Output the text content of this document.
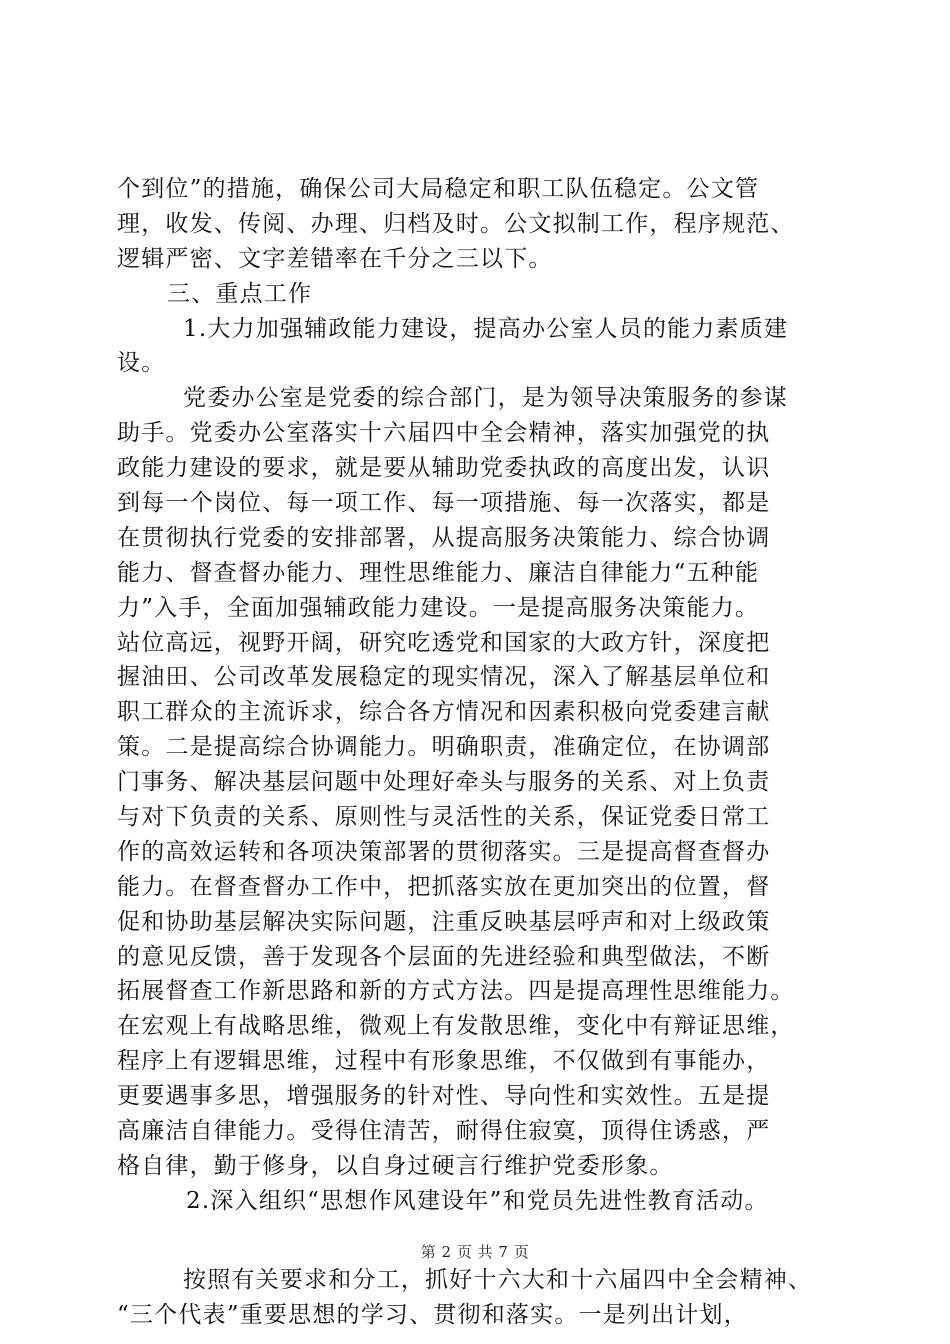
个到位”的措施，确保公司大局稳定和职工队伍稳定。公文管
理，收发、传阅、办理、归档及时。公文拟制工作，程序规范、
逻辑严密、文字差错率在千分之三以下。
三、重点工作
1.大力加强辅政能力建设，提高办公室人员的能力素质建
设。
党委办公室是党委的综合部门，是为领导决策服务的参谋
助手。党委办公室落实十六届四中全会精神，落实加强党的执
政能力建设的要求，就是要从辅助党委执政的高度出发，认识
到每一个岗位、每一项工作、每一项措施、每一次落实，都是
在贯彻执行党委的安排部署，从提高服务决策能力、综合协调
能力、督查督办能力、理性思维能力、廉洁自律能力“五种能
力”入手，全面加强辅政能力建设。一是提高服务决策能力。
站位高远，视野开阔，研究吃透党和国家的大政方针，深度把
握油田、公司改革发展稳定的现实情况，深入了解基层单位和
职工群众的主流诉求，综合各方情况和因素积极向党委建言献
策。二是提高综合协调能力。明确职责，准确定位，在协调部
门事务、解决基层问题中处理好牵头与服务的关系、对上负责
与对下负责的关系、原则性与灵活性的关系，保证党委日常工
作的高效运转和各项决策部署的贯彻落实。三是提高督查督办
能力。在督查督办工作中，把抓落实放在更加突出的位置，督
促和协助基层解决实际问题，注重反映基层呼声和对上级政策
的意见反馈，善于发现各个层面的先进经验和典型做法，不断
拓展督查工作新思路和新的方式方法。四是提高理性思维能力。
在宏观上有战略思维，微观上有发散思维，变化中有辩证思维，
程序上有逻辑思维，过程中有形象思维，不仅做到有事能办，
更要遇事多思，增强服务的针对性、导向性和实效性。五是提
高廉洁自律能力。受得住清苦，耐得住寂寞，顶得住诱惑，严
格自律，勤于修身，以自身过硬言行维护党委形象。
2.深入组织“思想作风建设年”和党员先进性教育活动。
按照有关要求和分工，抓好十六大和十六届四中全会精神、
“三个代表”重要思想的学习、贯彻和落实。一是列出计划，
第 2 页 共 7 页
